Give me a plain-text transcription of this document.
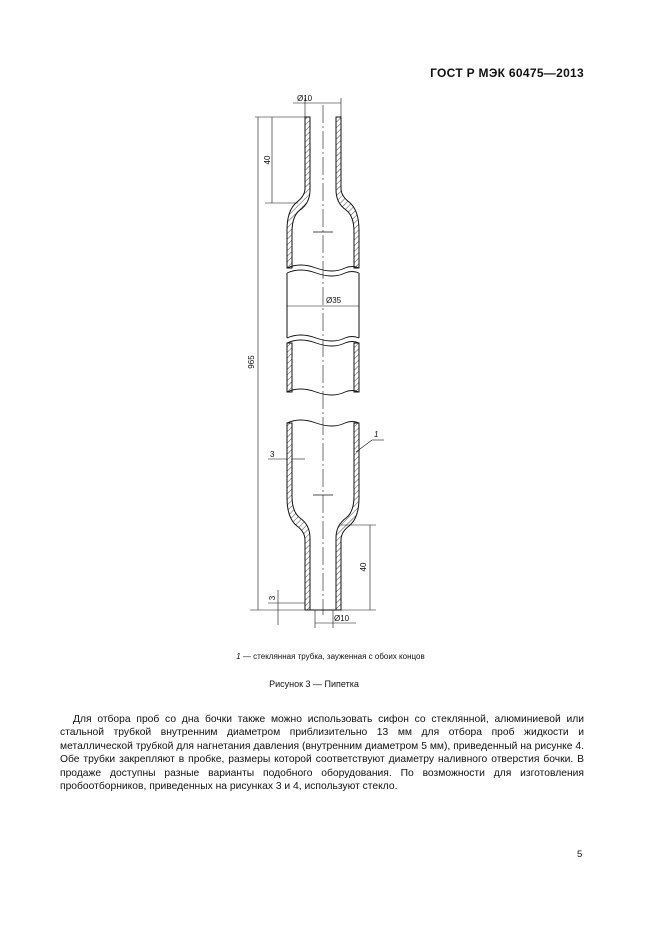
ГОСТ Р МЭК 60475—2013
Ø10
40
965
Ø35
3
40
3
Ø10
1
1 — стеклянная трубка, зауженная с обоих концов
Рисунок 3 — Пипетка

Для отбора проб со дна бочки также можно использовать сифон со стеклянной, алюминиевой или стальной трубкой внутренним диаметром приблизительно 13 мм для отбора проб жидкости и металлической трубкой для нагнетания давления (внутренним диаметром 5 мм), приведенный на рисунке 4. Обе трубки закрепляют в пробке, размеры которой соответствуют диаметру наливного отверстия бочки. В продаже доступны разные варианты подобного оборудования. По возможности для изготовления пробоотборников, приведенных на рисунках 3 и 4, используют стекло.

5
